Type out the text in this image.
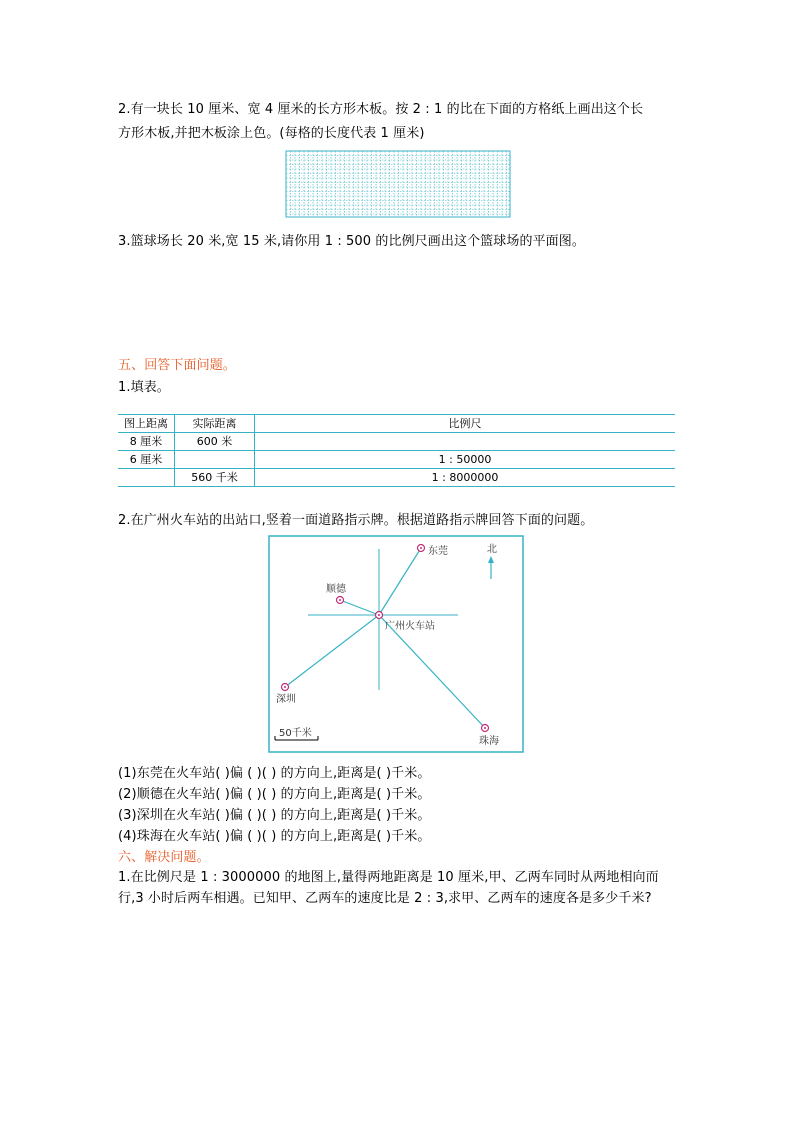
2.有一块长 10 厘米、宽 4 厘米的长方形木板。按 2 : 1 的比在下面的方格纸上画出这个长
方形木板,并把木板涂上色。(每格的长度代表 1 厘米)
3.篮球场长 20 米,宽 15 米,请你用 1 : 500 的比例尺画出这个篮球场的平面图。
五、回答下面问题。
1.填表。
图上距离	实际距离	比例尺
8 厘米	600 米	
6 厘米		1 : 50000
	560 千米	1 : 8000000
2.在广州火车站的出站口,竖着一面道路指示牌。根据道路指示牌回答下面的问题。
东莞
顺德
广州火车站
深圳
珠海
北
50千米
(1)东莞在火车站( )偏 ( )( ) 的方向上,距离是( )千米。
(2)顺德在火车站( )偏 ( )( ) 的方向上,距离是( )千米。
(3)深圳在火车站( )偏 ( )( ) 的方向上,距离是( )千米。
(4)珠海在火车站( )偏 ( )( ) 的方向上,距离是( )千米。
六、解决问题。
1.在比例尺是 1 : 3000000 的地图上,量得两地距离是 10 厘米,甲、乙两车同时从两地相向而
行,3 小时后两车相遇。已知甲、乙两车的速度比是 2 : 3,求甲、乙两车的速度各是多少千米?
